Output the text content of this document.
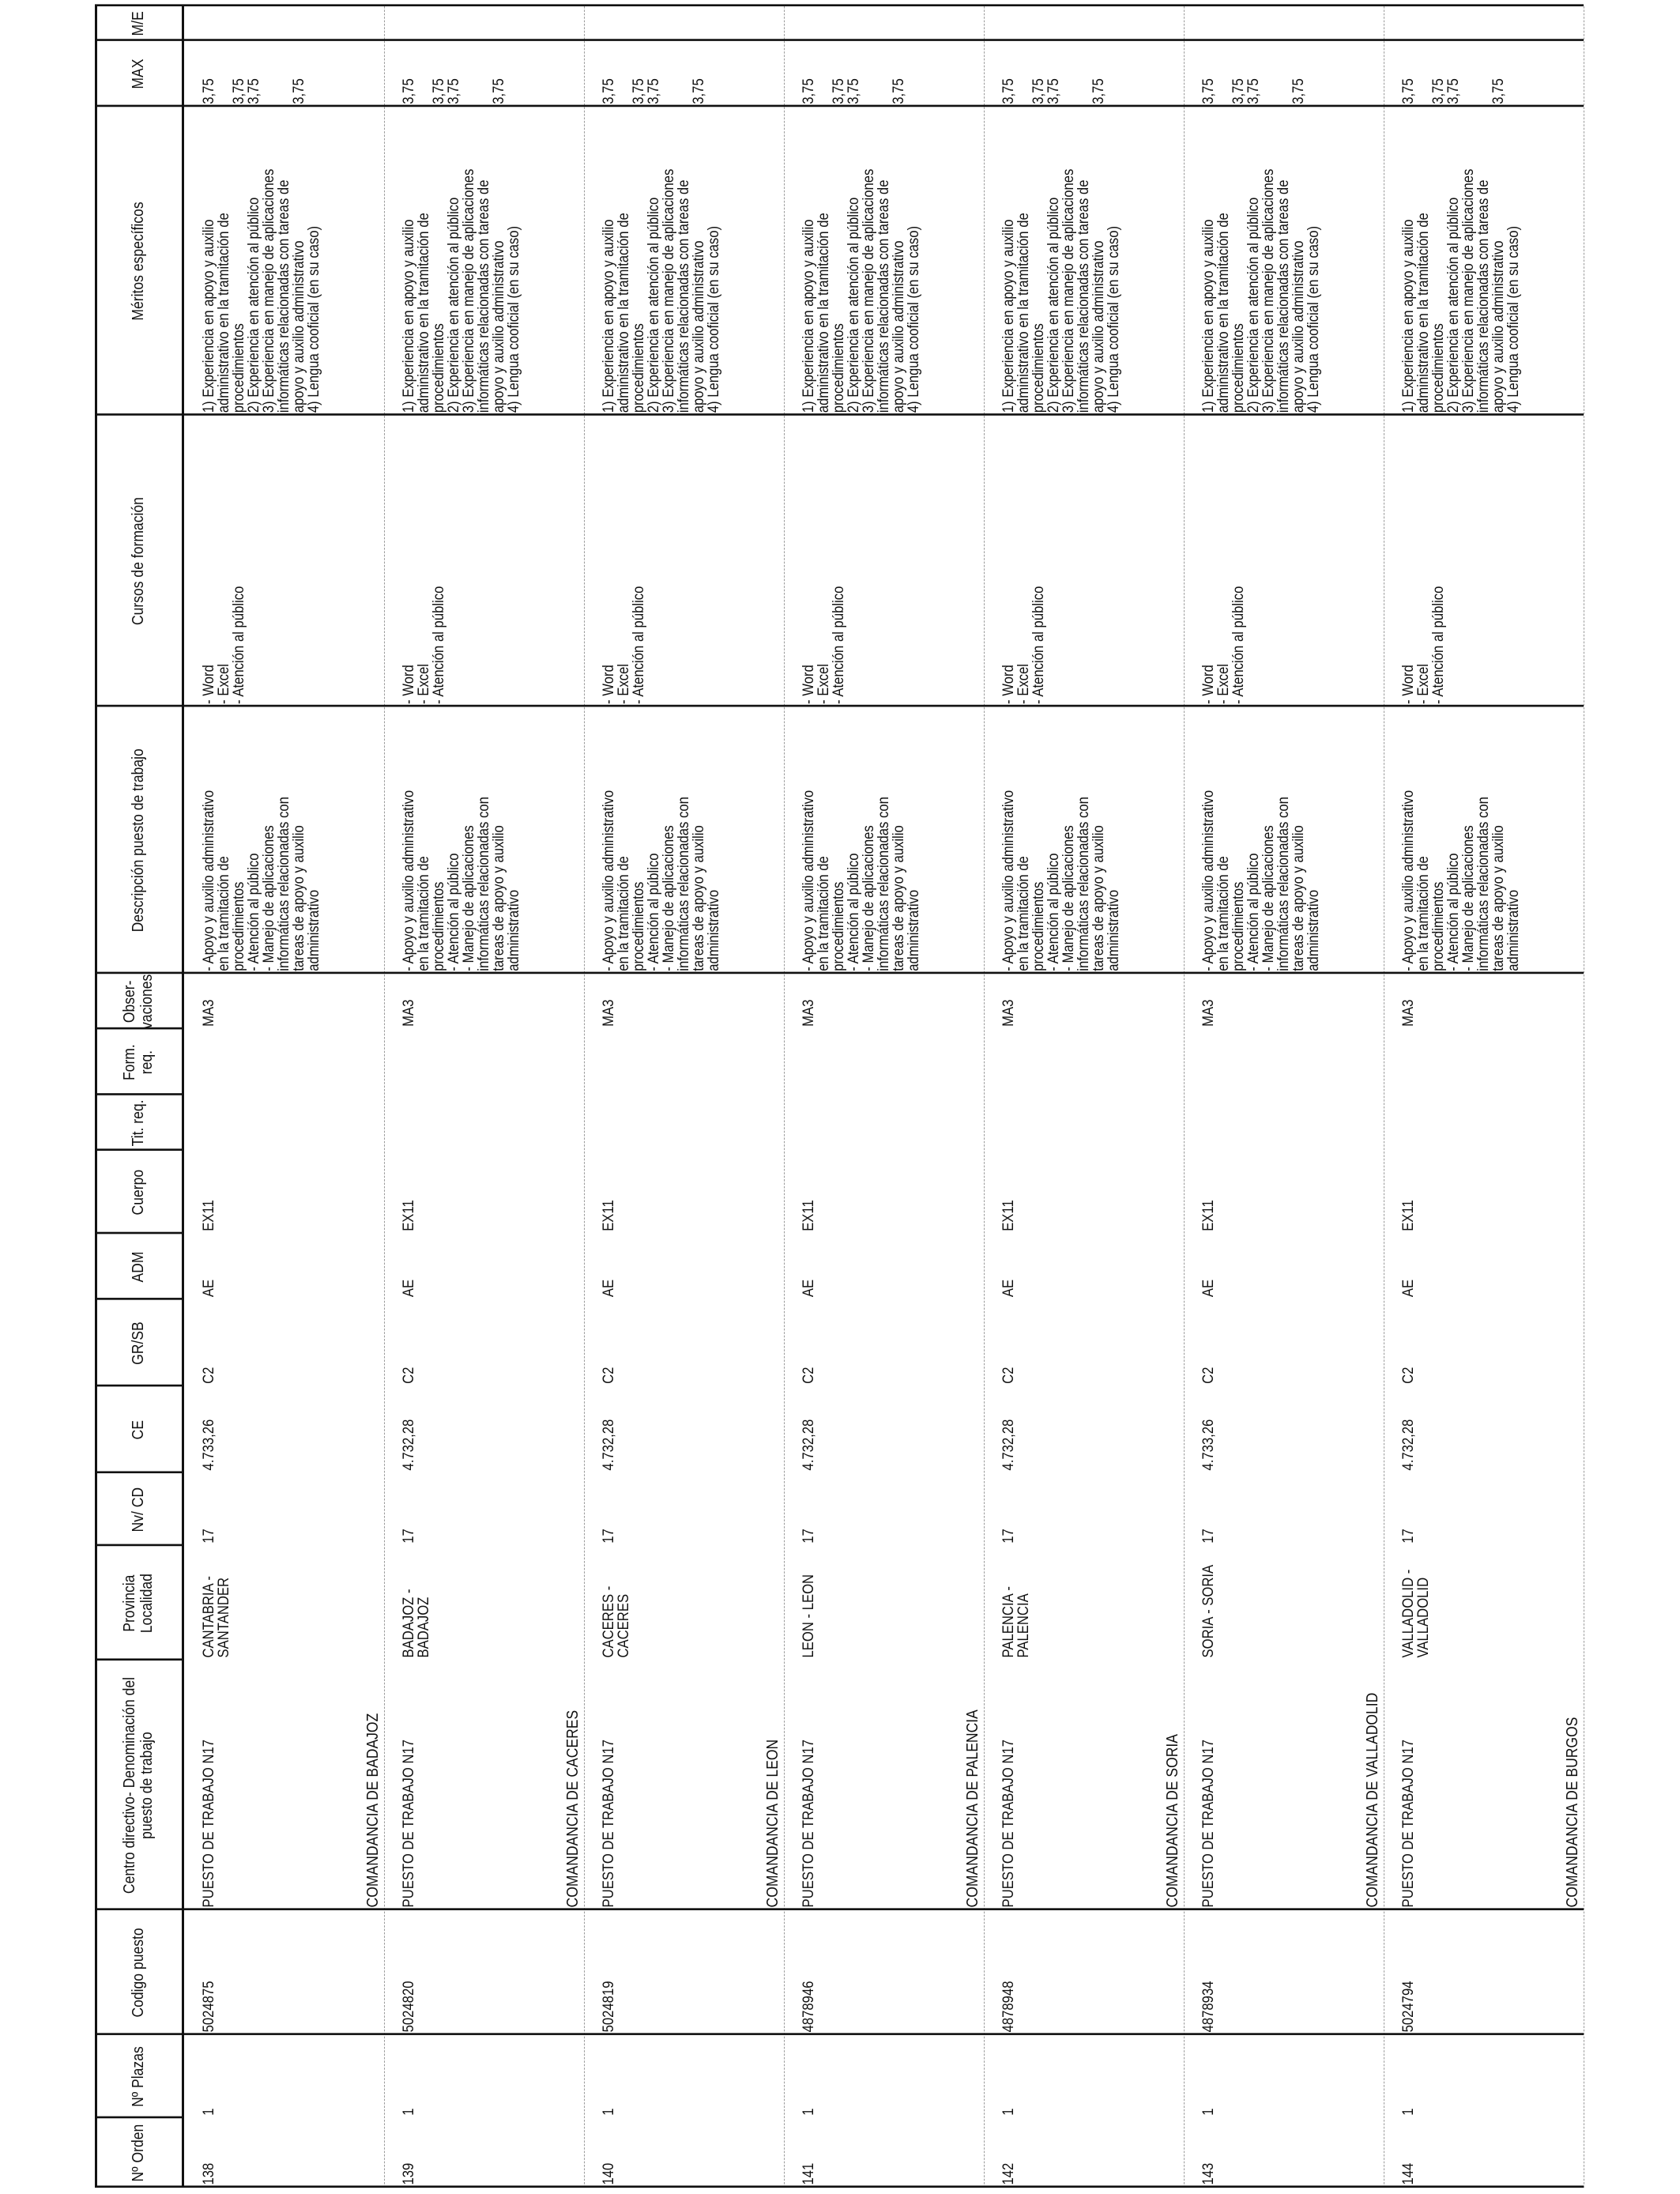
Nº Orden
Nº Plazas
Codigo puesto
Centro directivo- Denominación del puesto de trabajo
Provincia Localidad
Nv/ CD
CE
GR/SB
ADM
Cuerpo
Tit. req.
Form. req.
Obser- vaciones
Descripción puesto de trabajo
Cursos de formación
Méritos específicos
MAX
M/E
138
1
5024875
PUESTO DE TRABAJO N17
CANTABRIA -
SANTANDER
17
4.733,26
C2
AE
EX11
MA3
- Apoyo y auxilio administrativo
en la tramitación de
procedimientos
- Atención al público
- Manejo de aplicaciones
informáticas relacionadas con
tareas de apoyo y auxilio
administrativo
- Word
- Excel
- Atención al público
1) Experiencia en apoyo y auxilio
administrativo en la tramitación de
procedimientos
2) Experiencia en atención al público
3) Experiencia en manejo de aplicaciones
informáticas relacionadas con tareas de
apoyo y auxilio administrativo
4) Lengua cooficial (en su caso)
3,75
3,75
3,75

3,75
COMANDANCIA DE BADAJOZ
139
1
5024820
PUESTO DE TRABAJO N17
BADAJOZ -
BADAJOZ
17
4.732,28
C2
AE
EX11
MA3
- Apoyo y auxilio administrativo
en la tramitación de
procedimientos
- Atención al público
- Manejo de aplicaciones
informáticas relacionadas con
tareas de apoyo y auxilio
administrativo
- Word
- Excel
- Atención al público
1) Experiencia en apoyo y auxilio
administrativo en la tramitación de
procedimientos
2) Experiencia en atención al público
3) Experiencia en manejo de aplicaciones
informáticas relacionadas con tareas de
apoyo y auxilio administrativo
4) Lengua cooficial (en su caso)
3,75
3,75
3,75

3,75
COMANDANCIA DE CACERES
140
1
5024819
PUESTO DE TRABAJO N17
CACERES -
CACERES
17
4.732,28
C2
AE
EX11
MA3
- Apoyo y auxilio administrativo
en la tramitación de
procedimientos
- Atención al público
- Manejo de aplicaciones
informáticas relacionadas con
tareas de apoyo y auxilio
administrativo
- Word
- Excel
- Atención al público
1) Experiencia en apoyo y auxilio
administrativo en la tramitación de
procedimientos
2) Experiencia en atención al público
3) Experiencia en manejo de aplicaciones
informáticas relacionadas con tareas de
apoyo y auxilio administrativo
4) Lengua cooficial (en su caso)
3,75
3,75
3,75

3,75
COMANDANCIA DE LEON
141
1
4878946
PUESTO DE TRABAJO N17
LEON - LEON
17
4.732,28
C2
AE
EX11
MA3
- Apoyo y auxilio administrativo
en la tramitación de
procedimientos
- Atención al público
- Manejo de aplicaciones
informáticas relacionadas con
tareas de apoyo y auxilio
administrativo
- Word
- Excel
- Atención al público
1) Experiencia en apoyo y auxilio
administrativo en la tramitación de
procedimientos
2) Experiencia en atención al público
3) Experiencia en manejo de aplicaciones
informáticas relacionadas con tareas de
apoyo y auxilio administrativo
4) Lengua cooficial (en su caso)
3,75
3,75
3,75

3,75
COMANDANCIA DE PALENCIA
142
1
4878948
PUESTO DE TRABAJO N17
PALENCIA -
PALENCIA
17
4.732,28
C2
AE
EX11
MA3
- Apoyo y auxilio administrativo
en la tramitación de
procedimientos
- Atención al público
- Manejo de aplicaciones
informáticas relacionadas con
tareas de apoyo y auxilio
administrativo
- Word
- Excel
- Atención al público
1) Experiencia en apoyo y auxilio
administrativo en la tramitación de
procedimientos
2) Experiencia en atención al público
3) Experiencia en manejo de aplicaciones
informáticas relacionadas con tareas de
apoyo y auxilio administrativo
4) Lengua cooficial (en su caso)
3,75
3,75
3,75

3,75
COMANDANCIA DE SORIA
143
1
4878934
PUESTO DE TRABAJO N17
SORIA - SORIA
17
4.733,26
C2
AE
EX11
MA3
- Apoyo y auxilio administrativo
en la tramitación de
procedimientos
- Atención al público
- Manejo de aplicaciones
informáticas relacionadas con
tareas de apoyo y auxilio
administrativo
- Word
- Excel
- Atención al público
1) Experiencia en apoyo y auxilio
administrativo en la tramitación de
procedimientos
2) Experiencia en atención al público
3) Experiencia en manejo de aplicaciones
informáticas relacionadas con tareas de
apoyo y auxilio administrativo
4) Lengua cooficial (en su caso)
3,75
3,75
3,75

3,75
COMANDANCIA DE VALLADOLID
144
1
5024794
PUESTO DE TRABAJO N17
VALLADOLID -
VALLADOLID
17
4.732,28
C2
AE
EX11
MA3
- Apoyo y auxilio administrativo
en la tramitación de
procedimientos
- Atención al público
- Manejo de aplicaciones
informáticas relacionadas con
tareas de apoyo y auxilio
administrativo
- Word
- Excel
- Atención al público
1) Experiencia en apoyo y auxilio
administrativo en la tramitación de
procedimientos
2) Experiencia en atención al público
3) Experiencia en manejo de aplicaciones
informáticas relacionadas con tareas de
apoyo y auxilio administrativo
4) Lengua cooficial (en su caso)
3,75
3,75
3,75

3,75
COMANDANCIA DE BURGOS
